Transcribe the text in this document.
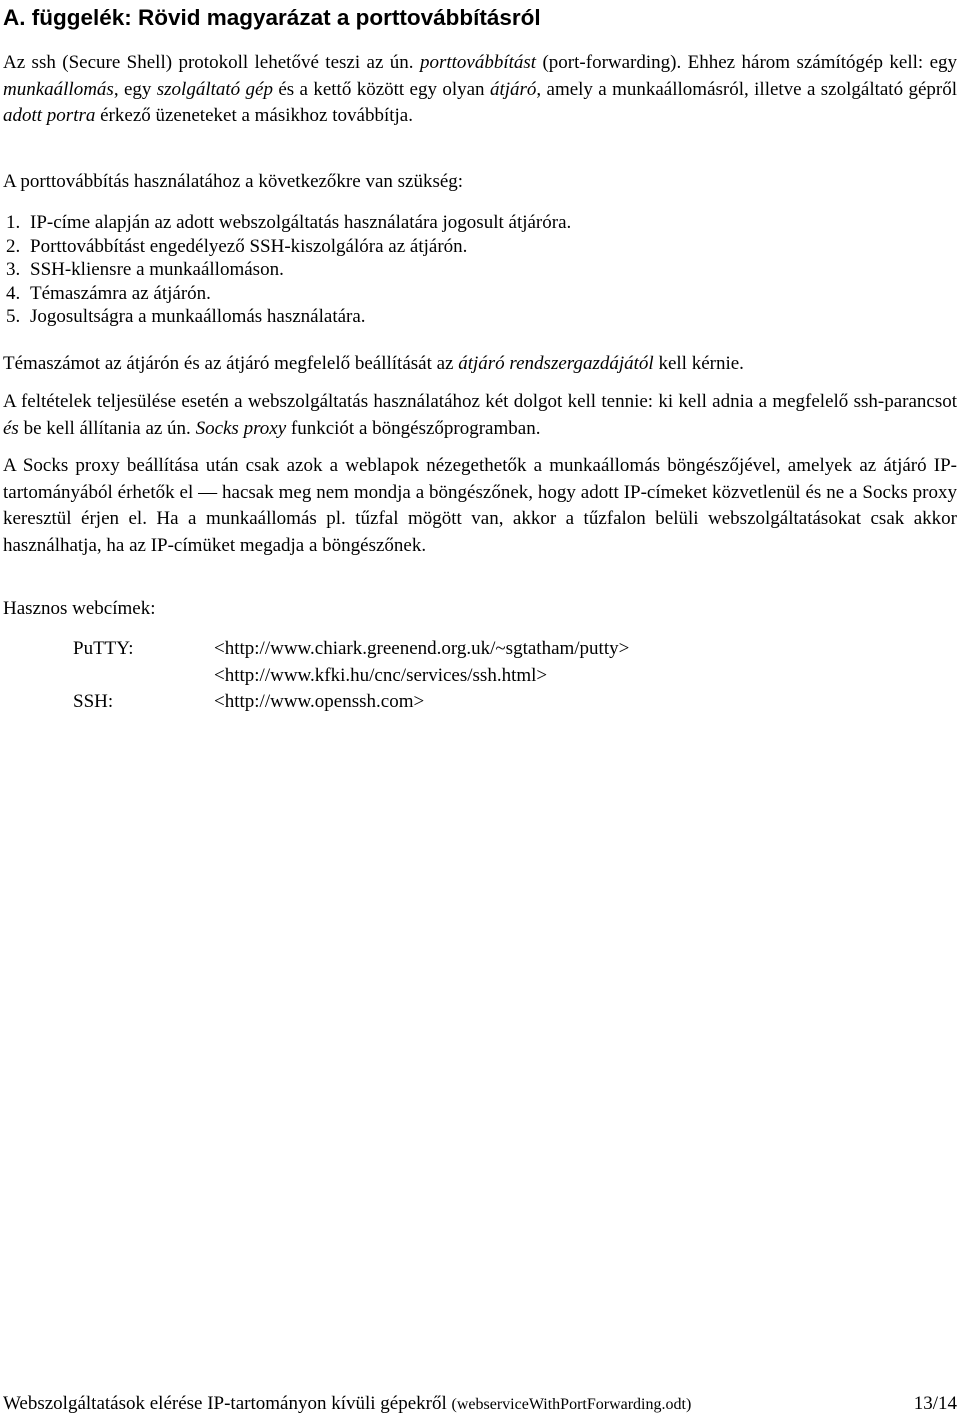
A. függelék: Rövid magyarázat a porttovábbításról
Az ssh (Secure Shell) protokoll lehetővé teszi az ún. porttovábbítást (port-forwarding). Ehhez három számítógép kell: egy munkaállomás, egy szolgáltató gép és a kettő között egy olyan átjáró, amely a munkaállomásról, illetve a szolgáltató gépről adott portra érkező üzeneteket a másikhoz továbbítja.
A porttovábbítás használatához a következőkre van szükség:
1. IP-címe alapján az adott webszolgáltatás használatára jogosult átjáróra.
2. Porttovábbítást engedélyező SSH-kiszolgálóra az átjárón.
3. SSH-kliensre a munkaállomáson.
4. Témaszámra az átjárón.
5. Jogosultságra a munkaállomás használatára.
Témaszámot az átjárón és az átjáró megfelelő beállítását az átjáró rendszergazdájától kell kérnie.
A feltételek teljesülése esetén a webszolgáltatás használatához két dolgot kell tennie: ki kell adnia a megfelelő ssh-parancsot és be kell állítania az ún. Socks proxy funkciót a böngészőprogramban.
A Socks proxy beállítása után csak azok a weblapok nézegethetők a munkaállomás böngészőjével, amelyek az átjáró IP-tartományából érhetők el — hacsak meg nem mondja a böngészőnek, hogy adott IP-címeket közvetlenül és ne a Socks proxy keresztül érjen el. Ha a munkaállomás pl. tűzfal mögött van, akkor a tűzfalon belüli webszolgáltatásokat csak akkor használhatja, ha az IP-címüket megadja a böngészőnek.
Hasznos webcímek:
PuTTY:	<http://www.chiark.greenend.org.uk/~sgtatham/putty>
<http://www.kfki.hu/cnc/services/ssh.html>
SSH:	<http://www.openssh.com>
Webszolgáltatások elérése IP-tartományon kívüli gépekről (webserviceWithPortForwarding.odt)	13/14
